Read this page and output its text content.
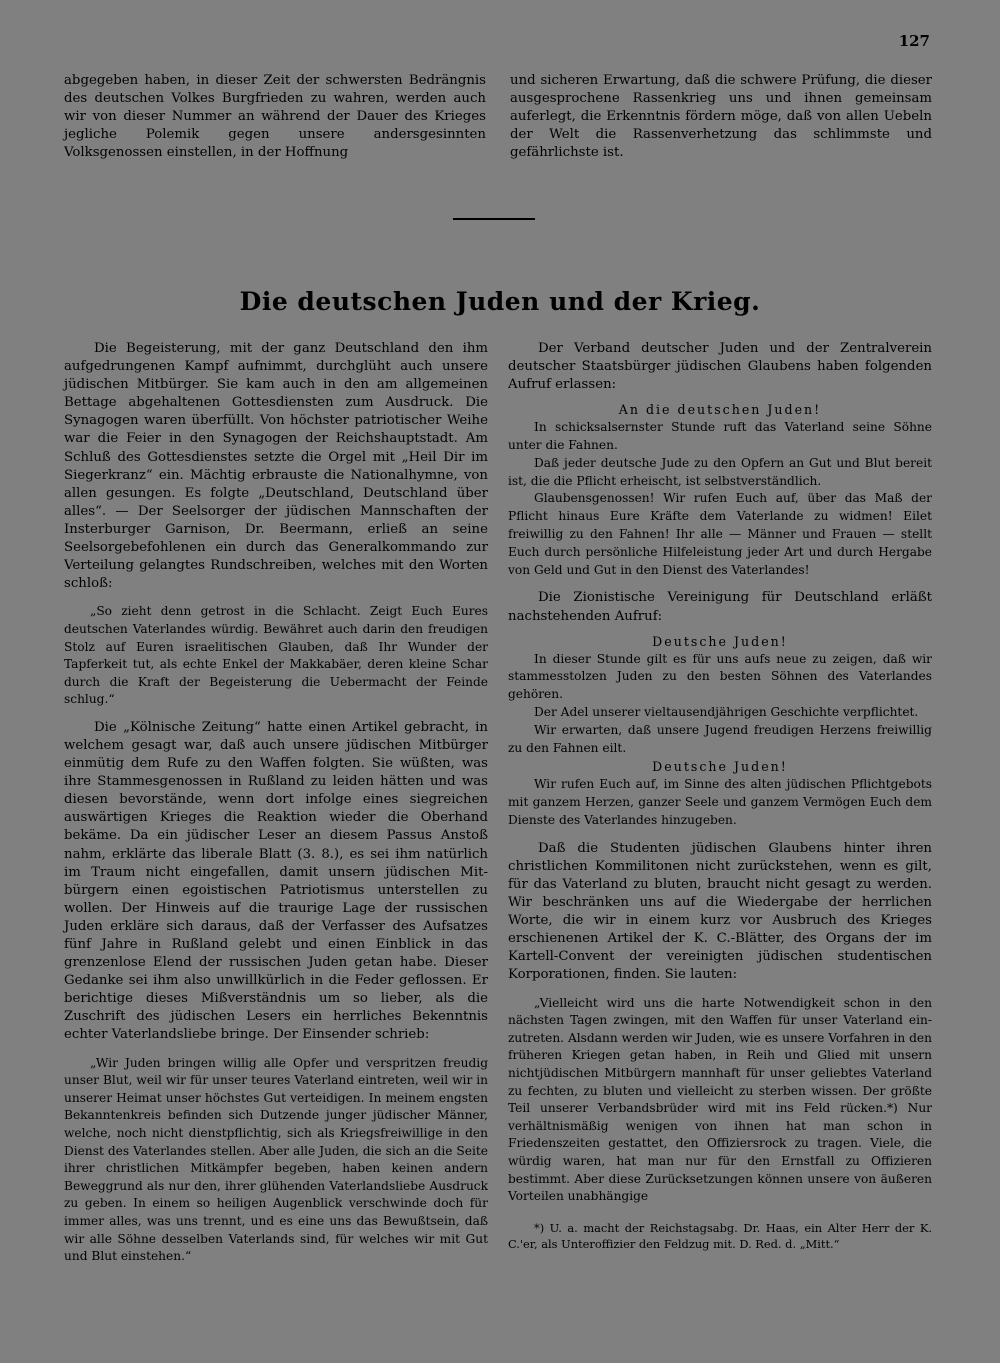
127

abgegeben haben, in dieser Zeit der schwersten Bedrängnis des deutschen Volkes Burgfrieden zu wahren, werden auch wir von dieser Nummer an während der Dauer des Krieges jegliche Polemik gegen unsere andersgesinnten Volksgenossen einstellen, in der Hoffnung

und sicheren Erwartung, daß die schwere Prüfung, die dieser ausgesprochene Rassenkrieg uns und ihnen gemeinsam auferlegt, die Erkenntnis fördern möge, daß von allen Uebeln der Welt die Rassenverhetzung das schlimmste und gefährlichste ist.

Die deutschen Juden und der Krieg.

Die Begeisterung, mit der ganz Deutschland den ihm aufgedrungenen Kampf aufnimmt, durchglüht auch unsere jüdischen Mitbürger. Sie kam auch in den am allgemeinen Bettage abgehaltenen Gottesdiensten zum Ausdruck. Die Synagogen waren überfüllt. Von höchster patriotischer Weihe war die Feier in den Synagogen der Reichshauptstadt. Am Schluß des Gottesdienstes setzte die Orgel mit „Heil Dir im Siegerkranz“ ein. Mächtig erbrauste die Nationalhymne, von allen gesungen. Es folgte „Deutschland, Deutschland über alles“. — Der Seelsorger der jüdischen Mannschaften der Insterburger Garnison, Dr. Beermann, erließ an seine Seelsorgebefohlenen ein durch das Generalkommando zur Verteilung gelangtes Rundschreiben, welches mit den Worten schloß:

„So zieht denn getrost in die Schlacht. Zeigt Euch Eures deutschen Vaterlandes würdig. Bewähret auch darin den freudigen Stolz auf Euren israelitischen Glauben, daß Ihr Wunder der Tapferkeit tut, als echte Enkel der Makkabäer, deren kleine Schar durch die Kraft der Begeisterung die Uebermacht der Feinde schlug.“

Die „Kölnische Zeitung“ hatte einen Artikel gebracht, in welchem gesagt war, daß auch unsere jüdischen Mitbürger einmütig dem Rufe zu den Waffen folgten. Sie wüßten, was ihre Stammesgenossen in Rußland zu leiden hätten und was diesen bevorstände, wenn dort infolge eines siegreichen auswärtigen Krieges die Reaktion wieder die Oberhand bekäme. Da ein jüdischer Leser an diesem Passus Anstoß nahm, erklärte das liberale Blatt (3. 8.), es sei ihm natürlich im Traum nicht eingefallen, damit unsern jüdischen Mitbürgern einen egoistischen Patriotismus unterstellen zu wollen. Der Hinweis auf die traurige Lage der russischen Juden erkläre sich daraus, daß der Verfasser des Aufsatzes fünf Jahre in Rußland gelebt und einen Einblick in das grenzenlose Elend der russischen Juden getan habe. Dieser Gedanke sei ihm also unwillkürlich in die Feder geflossen. Er berichtige dieses Mißverständnis um so lieber, als die Zuschrift des jüdischen Lesers ein herrliches Bekenntnis echter Vaterlandsliebe bringe. Der Einsender schrieb:

„Wir Juden bringen willig alle Opfer und verspritzen freudig unser Blut, weil wir für unser teures Vaterland eintreten, weil wir in unserer Heimat unser höchstes Gut verteidigen. In meinem engsten Bekanntenkreis befinden sich Dutzende junger jüdischer Männer, welche, noch nicht dienstpflichtig, sich als Kriegsfreiwillige in den Dienst des Vaterlandes stellen. Aber alle Juden, die sich an die Seite ihrer christlichen Mitkämpfer begeben, haben keinen andern Beweggrund als nur den, ihrer glühenden Vaterlandsliebe Ausdruck zu geben. In einem so heiligen Augenblick verschwinde doch für immer alles, was uns trennt, und es eine uns das Bewußtsein, daß wir alle Söhne desselben Vaterlands sind, für welches wir mit Gut und Blut einstehen.“

Der Verband deutscher Juden und der Zentralverein deutscher Staatsbürger jüdischen Glaubens haben folgenden Aufruf erlassen:

An die deutschen Juden!

In schicksalsernster Stunde ruft das Vaterland seine Söhne unter die Fahnen.

Daß jeder deutsche Jude zu den Opfern an Gut und Blut bereit ist, die die Pflicht erheischt, ist selbstverständlich.

Glaubensgenossen! Wir rufen Euch auf, über das Maß der Pflicht hinaus Eure Kräfte dem Vaterlande zu widmen! Eilet freiwillig zu den Fahnen! Ihr alle — Männer und Frauen — stellt Euch durch persönliche Hilfeleistung jeder Art und durch Hergabe von Geld und Gut in den Dienst des Vaterlandes!

Die Zionistische Vereinigung für Deutschland erläßt nachstehenden Aufruf:

Deutsche Juden!

In dieser Stunde gilt es für uns aufs neue zu zeigen, daß wir stammesstolzen Juden zu den besten Söhnen des Vaterlandes gehören.

Der Adel unserer vieltausendjährigen Geschichte verpflichtet.

Wir erwarten, daß unsere Jugend freudigen Herzens freiwillig zu den Fahnen eilt.

Deutsche Juden!

Wir rufen Euch auf, im Sinne des alten jüdischen Pflichtgebots mit ganzem Herzen, ganzer Seele und ganzem Vermögen Euch dem Dienste des Vaterlandes hinzugeben.

Daß die Studenten jüdischen Glaubens hinter ihren christlichen Kommilitonen nicht zurückstehen, wenn es gilt, für das Vaterland zu bluten, braucht nicht gesagt zu werden. Wir beschränken uns auf die Wiedergabe der herrlichen Worte, die wir in einem kurz vor Ausbruch des Krieges erschienenen Artikel der K. C.-Blätter, des Organs der im Kartell-Convent der vereinigten jüdischen studentischen Korporationen, finden. Sie lauten:

„Vielleicht wird uns die harte Notwendigkeit schon in den nächsten Tagen zwingen, mit den Waffen für unser Vaterland einzutreten. Alsdann werden wir Juden, wie es unsere Vorfahren in den früheren Kriegen getan haben, in Reih und Glied mit unsern nichtjüdischen Mitbürgern mannhaft für unser geliebtes Vaterland zu fechten, zu bluten und vielleicht zu sterben wissen. Der größte Teil unserer Verbandsbrüder wird mit ins Feld rücken.*) Nur verhältnismäßig wenigen von ihnen hat man schon in Friedenszeiten gestattet, den Offiziersrock zu tragen. Viele, die würdig waren, hat man nur für den Ernstfall zu Offizieren bestimmt. Aber diese Zurücksetzungen können unsere von äußeren Vorteilen unabhängige

*) U. a. macht der Reichstagsabg. Dr. Haas, ein Alter Herr der K. C.'er, als Unteroffizier den Feldzug mit. D. Red. d. „Mitt.“
